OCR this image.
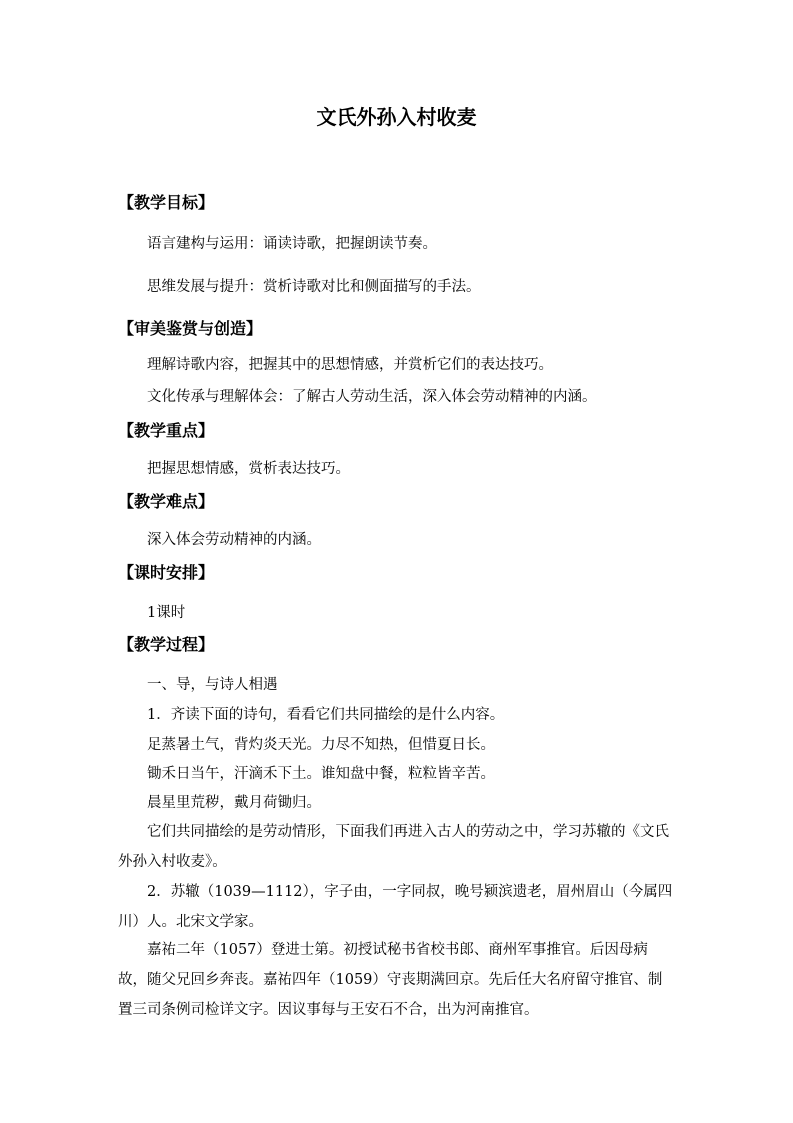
文氏外孙入村收麦
【教学目标】
语言建构与运用：诵读诗歌，把握朗读节奏。
思维发展与提升：赏析诗歌对比和侧面描写的手法。
【审美鉴赏与创造】
理解诗歌内容，把握其中的思想情感，并赏析它们的表达技巧。
文化传承与理解体会：了解古人劳动生活，深入体会劳动精神的内涵。
【教学重点】
把握思想情感，赏析表达技巧。
【教学难点】
深入体会劳动精神的内涵。
【课时安排】
1课时
【教学过程】
一、导，与诗人相遇
1．齐读下面的诗句，看看它们共同描绘的是什么内容。
足蒸暑土气，背灼炎天光。力尽不知热，但惜夏日长。
锄禾日当午，汗滴禾下土。谁知盘中餐，粒粒皆辛苦。
晨星里荒秽，戴月荷锄归。
它们共同描绘的是劳动情形，下面我们再进入古人的劳动之中，学习苏辙的《文氏外孙入村收麦》。
2．苏辙（1039—1112），字子由，一字同叔，晚号颍滨遗老，眉州眉山（今属四川）人。北宋文学家。
嘉祐二年（1057）登进士第。初授试秘书省校书郎、商州军事推官。后因母病故，随父兄回乡奔丧。嘉祐四年（1059）守丧期满回京。先后任大名府留守推官、制置三司条例司检详文字。因议事每与王安石不合，出为河南推官。
